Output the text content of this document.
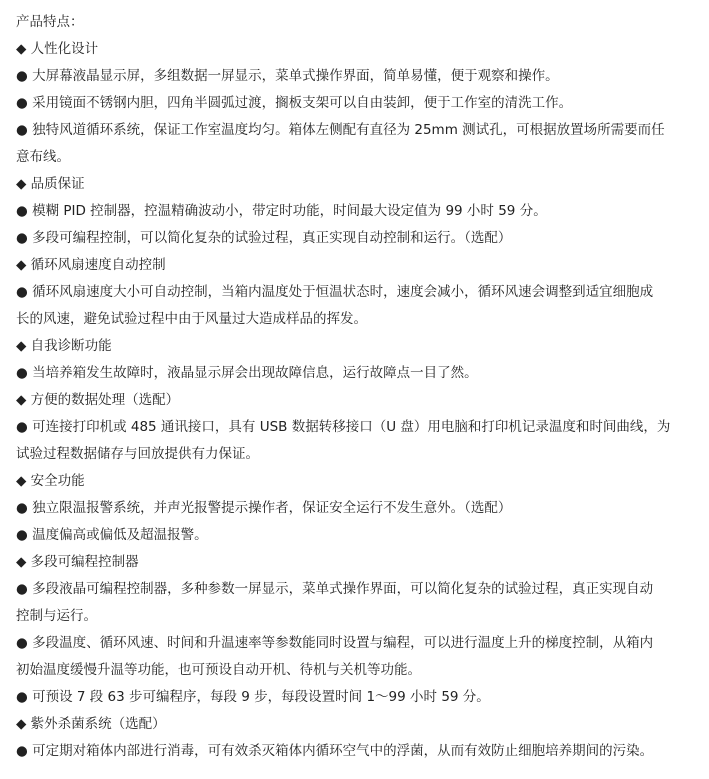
产品特点：
◆ 人性化设计
● 大屏幕液晶显示屏，多组数据一屏显示，菜单式操作界面，简单易懂，便于观察和操作。
● 采用镜面不锈钢内胆，四角半圆弧过渡，搁板支架可以自由装卸，便于工作室的清洗工作。
● 独特风道循环系统，保证工作室温度均匀。箱体左侧配有直径为 25mm 测试孔，可根据放置场所需要而任
意布线。
◆ 品质保证
● 模糊 PID 控制器，控温精确波动小，带定时功能，时间最大设定值为 99 小时 59 分。
● 多段可编程控制，可以简化复杂的试验过程，真正实现自动控制和运行。（选配）
◆ 循环风扇速度自动控制
● 循环风扇速度大小可自动控制，当箱内温度处于恒温状态时，速度会减小，循环风速会调整到适宜细胞成
长的风速，避免试验过程中由于风量过大造成样品的挥发。
◆ 自我诊断功能
● 当培养箱发生故障时，液晶显示屏会出现故障信息，运行故障点一目了然。
◆ 方便的数据处理（选配）
● 可连接打印机或 485 通讯接口，具有 USB 数据转移接口（U 盘）用电脑和打印机记录温度和时间曲线，为
试验过程数据储存与回放提供有力保证。
◆ 安全功能
● 独立限温报警系统，并声光报警提示操作者，保证安全运行不发生意外。（选配）
● 温度偏高或偏低及超温报警。
◆ 多段可编程控制器
● 多段液晶可编程控制器，多种参数一屏显示，菜单式操作界面，可以简化复杂的试验过程，真正实现自动
控制与运行。
● 多段温度、循环风速、时间和升温速率等参数能同时设置与编程，可以进行温度上升的梯度控制，从箱内
初始温度缓慢升温等功能，也可预设自动开机、待机与关机等功能。
● 可预设 7 段 63 步可编程序，每段 9 步，每段设置时间 1～99 小时 59 分。
◆ 紫外杀菌系统（选配）
● 可定期对箱体内部进行消毒，可有效杀灭箱体内循环空气中的浮菌，从而有效防止细胞培养期间的污染。
